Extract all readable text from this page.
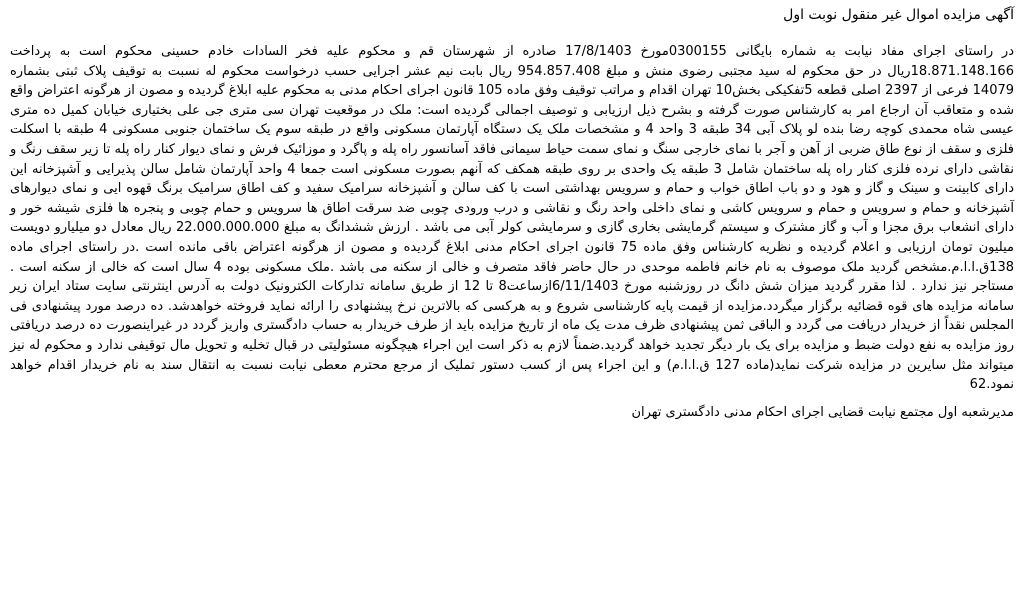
آگهی مزایده اموال غیر منقول نوبت اول

در راستای اجرای مفاد نیابت به شماره بایگانی 0300155مورخ 17/8/1403 صادره از شهرستان قم و محکوم علیه فخر السادات خادم حسینی محکوم است به پرداخت 18.871.148.166ریال در حق محکوم له سید مجتبی رضوی منش و مبلغ 954.857.408 ریال بابت نیم عشر اجرایی حسب درخواست محکوم له نسبت به توقیف پلاک ثبتی بشماره 14079 فرعی از 2397 اصلی قطعه 5تفکیکی بخش10 تهران اقدام و مراتب توقیف وفق ماده 105 قانون اجرای احکام مدنی به محکوم علیه ابلاغ گردیده و مصون از هرگونه اعتراض واقع شده و متعاقب آن ارجاع امر به کارشناس صورت گرفته و بشرح ذیل ارزیابی و توصیف اجمالی گردیده است: ملک در موقعیت تهران سی متری جی علی بختیاری خیابان کمیل ده متری عیسی شاه محمدی کوچه رضا بنده لو پلاک آبی 34 طبقه 3 واحد 4 و مشخصات ملک یک دستگاه آپارتمان مسکونی واقع در طبقه سوم یک ساختمان جنوبی مسکونی 4 طبقه با اسکلت فلزی و سقف از نوع طاق ضربی از آهن و آجر با نمای خارجی سنگ و نمای سمت حیاط سیمانی فاقد آسانسور راه پله و پاگرد و موزائیک فرش و نمای دیوار کنار راه پله تا زیر سقف رنگ و نقاشی دارای نرده فلزی کنار راه پله ساختمان شامل 3 طبقه یک واحدی بر روی طبقه همکف که آنهم بصورت مسکونی است جمعا 4 واحد آپارتمان شامل سالن پذیرایی و آشپزخانه این دارای کابینت و سینک و گاز و هود و دو باب اطاق خواب و حمام و سرویس بهداشتی است با کف سالن و آشپزخانه سرامیک سفید و کف اطاق سرامیک برنگ قهوه ایی و نمای دیوارهای آشپزخانه و حمام و سرویس و حمام و سرویس کاشی و نمای داخلی واحد رنگ و نقاشی و درب ورودی چوبی ضد سرقت اطاق ها سرویس و حمام چوبی و پنجره ها فلزی شیشه خور و دارای انشعاب برق مجزا و آب و گاز مشترک و سیستم گرمایشی بخاری گازی و سرمایشی کولر آبی می باشد . ارزش ششدانگ به مبلغ 22.000.000.000 ریال معادل دو میلیارو دویست میلیون تومان ارزیابی و اعلام گردیده و نظریه کارشناس وفق ماده 75 قانون اجرای احکام مدنی ابلاغ گردیده و مصون از هرگونه اعتراض باقی مانده است .در راستای اجرای ماده 138ق.ا.ا.م.مشخص گردید ملک موصوف به نام خانم فاطمه موحدی در حال حاضر فاقد متصرف و خالی از سکنه می باشد .ملک مسکونی بوده 4 سال است که خالی از سکنه است . مستاجر نیز ندارد . لذا مقرر گردید میزان شش دانگ در روزشنبه مورخ 6/11/1403ازساعت8 تا 12 از طریق سامانه تدارکات الکترونیک دولت به آدرس اینترنتی سایت ستاد ایران زیر سامانه مزایده های قوه قضائیه برگزار میگردد.مزایده از قیمت پایه کارشناسی شروع و به هرکسی که بالاترین نرخ پیشنهادی را ارائه نماید فروخته خواهدشد. ده درصد مورد پیشنهادی فی المجلس نقداً از خریدار دریافت می گردد و الباقی ثمن پیشنهادی ظرف مدت یک ماه از تاریخ مزایده باید از طرف خریدار به حساب دادگستری واریز گردد در غیراینصورت ده درصد دریافتی روز مزایده به نفع دولت ضبط و مزایده برای یک بار دیگر تجدید خواهد گردید.ضمناً لازم به ذکر است این اجراء هیچگونه مسئولیتی در قبال تخلیه و تحویل مال توقیفی ندارد و محکوم له نیز میتواند مثل سایرین در مزایده شرکت نماید(ماده 127 ق.ا.ا.م) و این اجراء پس از کسب دستور تملیک از مرجع محترم معطی نیابت نسبت به انتقال سند به نام خریدار اقدام خواهد نمود.62

مدیرشعبه اول مجتمع نیابت قضایی اجرای احکام مدنی دادگستری تهران
